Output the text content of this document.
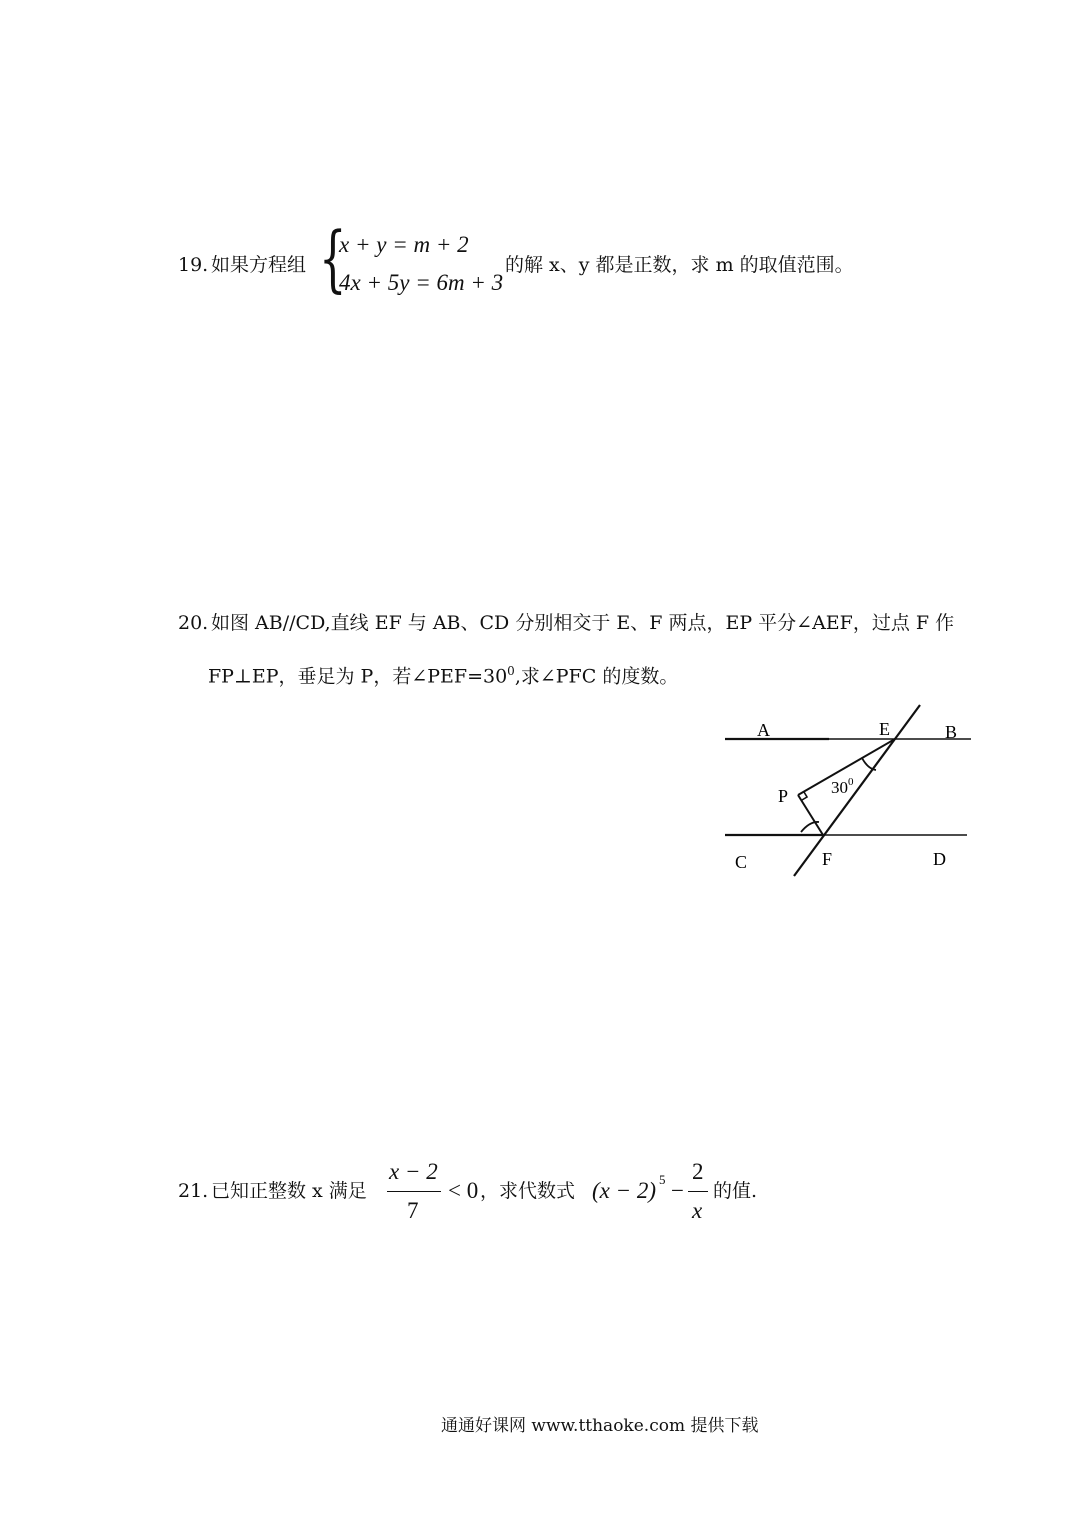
19. 如果方程组 {
x + y = m + 2
4x + 5y = 6m + 3
的解 x、y 都是正数，求 m 的取值范围。
20. 如图 AB//CD,直线 EF 与 AB、CD 分别相交于 E、F 两点，EP 平分∠AEF，过点 F 作
FP⊥EP，垂足为 P，若$\angle PEF=30^0$,求∠PFC 的度数。
A	E	B
P	$30^0$
C	F	D
21. 已知正整数 x 满足
x − 2
7
< 0 ，求代数式 (x − 2) 5 −
2
x
的值.
通通好课网 www.tthaoke.com 提供下载
